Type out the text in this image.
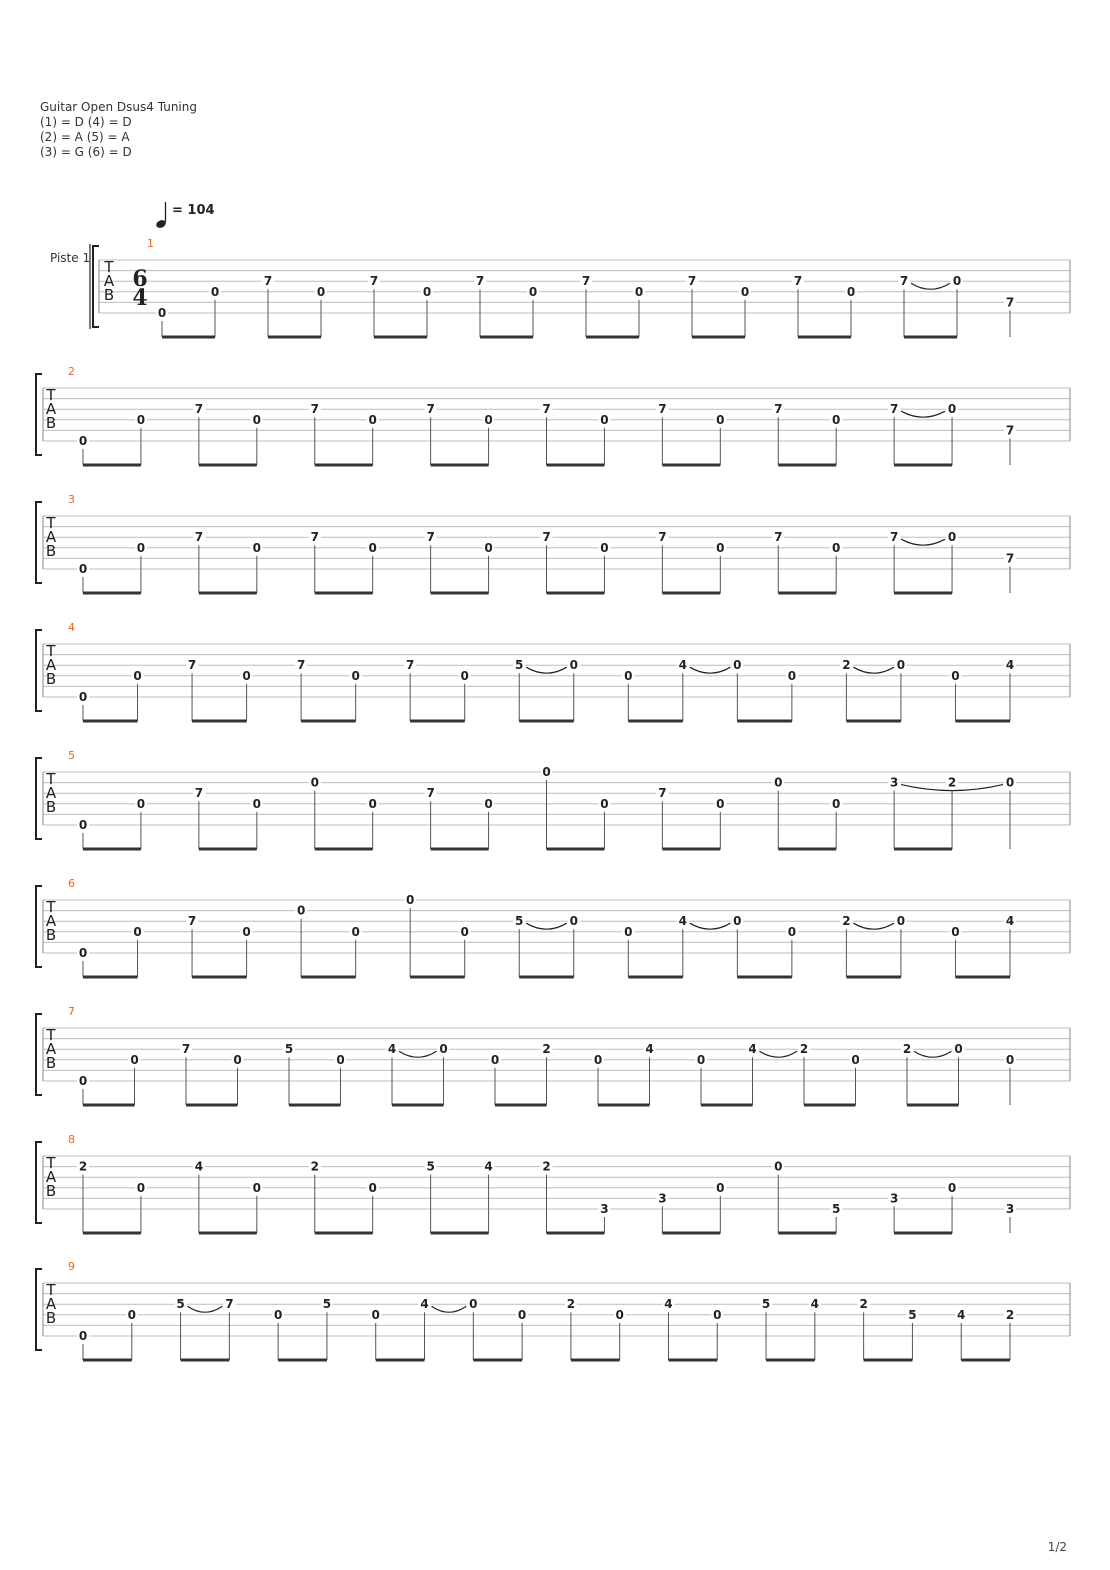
Guitar Open Dsus4 Tuning
(1) = D (4) = D
(2) = A (5) = A
(3) = G (6) = D
= 104
Piste 1 T
A
B
6
4
1
0
0
7
0
7
0
7
0
7
0
7
0
7
0
7	0
7
T
A
B
2
0
0
7
0
7
0
7
0
7
0
7
0
7
0
7	0
7
T
A
B
3
0
0
7
0
7
0
7
0
7
0
7
0
7
0
7	0
7
T
A
B
4
0
0
7
0
7
0
7
0
5	0
0
4	0
0
2	0
0
4
T
A
B
5
0
0
7
0
0
0
7
0
0
0
7
0
0
0
3	2	0
T
A
B
6
0
0
7
0
0
0
0
0
5	0
0
4	0
0
2	0
0
4
T
A
B
7
0
0
7
0
5
0
4	0
0
2
0
4
0
4	2
0
2	0
0
T
A
B
8
2
0
4
0
2
0
5	4	2
3
3
0
0
5
3
0
3
T
A
B
9
0
0
5	7
0
5
0
4	0
0
2
0
4
0
5	4	2
5	4	2
1/2
